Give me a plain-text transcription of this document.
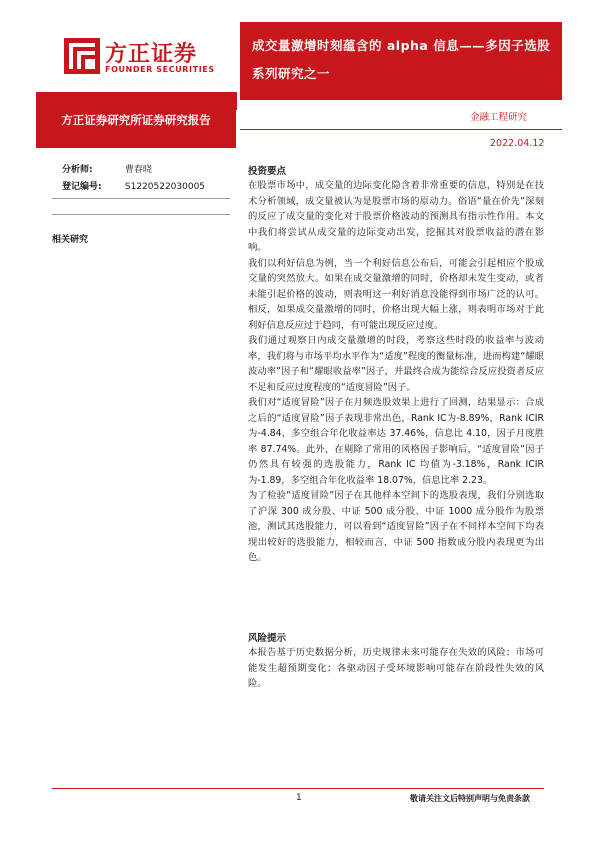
方正证券
FOUNDER SECURITIES
成交量激增时刻蕴含的 alpha 信息——多因子选股系列研究之一
方正证券研究所证券研究报告	金融工程研究
2022.04.12
分析师:	曹春晓
登记编号:	S1220522030005
相关研究
投资要点

在股票市场中，成交量的边际变化隐含着非常重要的信息，特别是在技术分析领域，成交量被认为是股票市场的原动力。俗语“量在价先”深刻的反应了成交量的变化对于股票价格波动的预测具有指示性作用。本文中我们将尝试从成交量的边际变动出发，挖掘其对股票收益的潜在影响。

我们以利好信息为例，当一个利好信息公布后，可能会引起相应个股成交量的突然放大。如果在成交量激增的同时，价格却未发生变动，或者未能引起价格的波动，则表明这一利好消息没能得到市场广泛的认可。相反，如果成交量激增的同时，价格出现大幅上涨，则表明市场对于此利好信息反应过于趋同，有可能出现反应过度。

我们通过观察日内成交量激增的时段，考察这些时段的收益率与波动率，我们将与市场平均水平作为“适度”程度的衡量标准，进而构建“耀眼波动率”因子和“耀眼收益率”因子，并最终合成为能综合反应投资者反应不足和反应过度程度的“适度冒险”因子。

我们对“适度冒险”因子在月频选股效果上进行了回测，结果显示：合成之后的“适度冒险”因子表现非常出色，Rank IC为-8.89%，Rank ICIR为-4.84，多空组合年化收益率达 37.46%，信息比 4.10，因子月度胜率 87.74%。此外，在剔除了常用的风格因子影响后，“适度冒险”因子仍然具有较强的选股能力，Rank IC 均值为-3.18%，Rank ICIR 为-1.89，多空组合年化收益率 18.07%，信息比率 2.23。

为了检验“适度冒险”因子在其他样本空间下的选股表现，我们分别选取了沪深 300 成分股、中证 500 成分股、中证 1000 成分股作为股票池，测试其选股能力，可以看到“适度冒险”因子在不同样本空间下均表现出较好的选股能力，相较而言，中证 500 指数成分股内表现更为出色。

风险提示

本报告基于历史数据分析，历史规律未来可能存在失效的风险；市场可能发生超预期变化；各驱动因子受环境影响可能存在阶段性失效的风险。

1	敬请关注文后特别声明与免责条款
